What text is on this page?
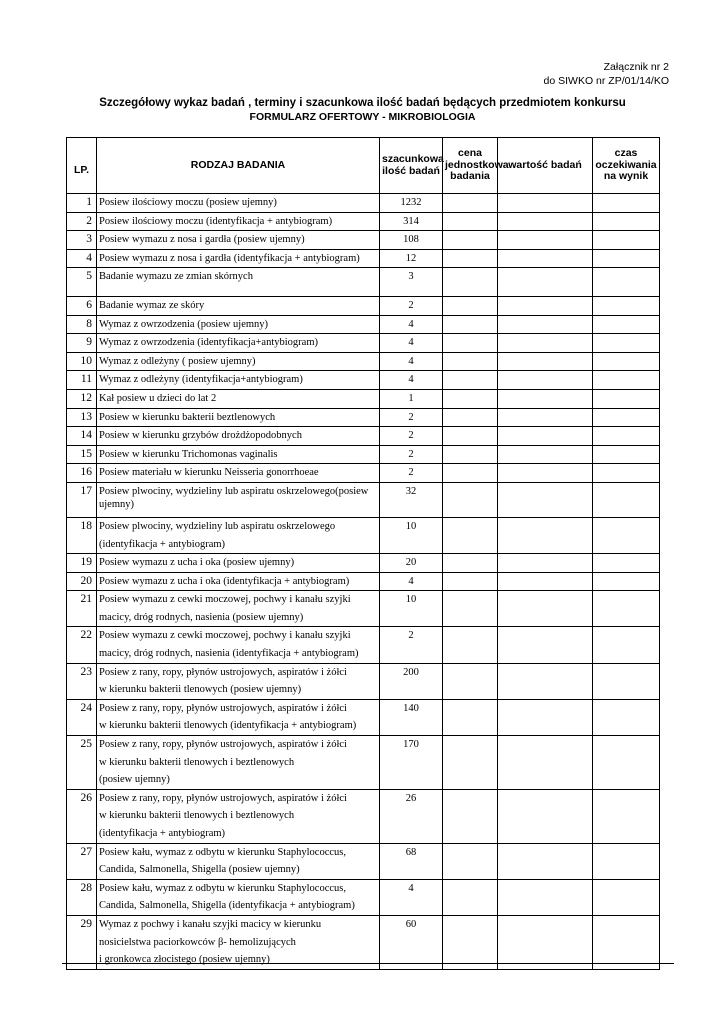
Załącznik nr 2
do SIWKO nr ZP/01/14/KO
Szczegółowy wykaz badań , terminy i szacunkowa ilość badań będących przedmiotem konkursu
FORMULARZ OFERTOWY - MIKROBIOLOGIA
LP.	RODZAJ BADANIA	szacunkowa ilość badań	cena jednostkowa badania	wartość badań	czas oczekiwania na wynik
1	Posiew ilościowy moczu (posiew ujemny)	1232			
2	Posiew ilościowy moczu (identyfikacja + antybiogram)	314			
3	Posiew wymazu z nosa i gardła (posiew ujemny)	108			
4	Posiew wymazu z nosa i gardła (identyfikacja + antybiogram)	12			
5	Badanie wymazu ze zmian skórnych	3			
6	Badanie wymaz ze skóry	2			
8	Wymaz z owrzodzenia (posiew ujemny)	4			
9	Wymaz z owrzodzenia (identyfikacja+antybiogram)	4			
10	Wymaz z odleżyny ( posiew ujemny)	4			
11	Wymaz z odleżyny (identyfikacja+antybiogram)	4			
12	Kał posiew u dzieci do lat 2	1			
13	Posiew w kierunku bakterii beztlenowych	2			
14	Posiew w kierunku grzybów drożdżopodobnych	2			
15	Posiew w kierunku Trichomonas vaginalis	2			
16	Posiew materiału w kierunku Neisseria gonorrhoeae	2			
17	Posiew plwociny, wydzieliny lub aspiratu oskrzelowego(posiew ujemny)	32			
18	Posiew plwociny, wydzieliny lub aspiratu oskrzelowego
(identyfikacja + antybiogram)	10			
19	Posiew wymazu z ucha i oka (posiew ujemny)	20			
20	Posiew wymazu z ucha i oka (identyfikacja + antybiogram)	4			
21	Posiew wymazu z cewki moczowej, pochwy i kanału szyjki
macicy, dróg rodnych, nasienia (posiew ujemny)	10			
22	Posiew wymazu z cewki moczowej, pochwy i kanału szyjki
macicy, dróg rodnych, nasienia (identyfikacja + antybiogram)	2			
23	Posiew z rany, ropy, płynów ustrojowych, aspiratów i żółci
w kierunku bakterii tlenowych (posiew ujemny)	200			
24	Posiew z rany, ropy, płynów ustrojowych, aspiratów i żółci
w kierunku bakterii tlenowych (identyfikacja + antybiogram)	140			
25	Posiew z rany, ropy, płynów ustrojowych, aspiratów i żółci
w kierunku bakterii tlenowych i beztlenowych
(posiew ujemny)	170			
26	Posiew z rany, ropy, płynów ustrojowych, aspiratów i żółci
w kierunku bakterii tlenowych i beztlenowych
(identyfikacja + antybiogram)	26			
27	Posiew kału, wymaz z odbytu w kierunku Staphylococcus,
Candida, Salmonella, Shigella (posiew ujemny)	68			
28	Posiew kału, wymaz z odbytu w kierunku Staphylococcus,
Candida, Salmonella, Shigella (identyfikacja + antybiogram)	4			
29	Wymaz z pochwy i kanału szyjki macicy w kierunku
nosicielstwa paciorkowców β- hemolizujących
i gronkowca złocistego (posiew ujemny)	60			
